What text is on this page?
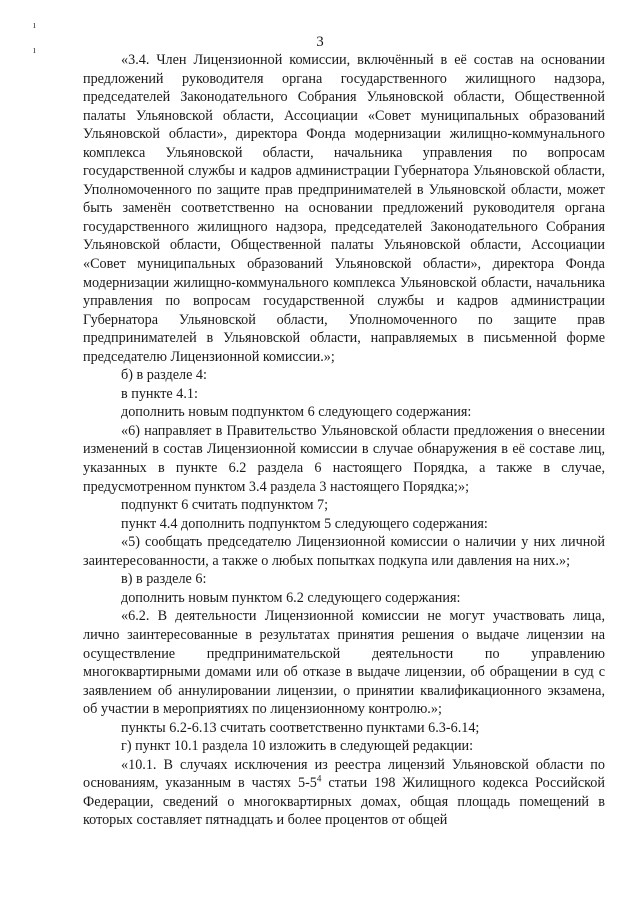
3
ı
ı

«3.4. Член Лицензионной комиссии, включённый в её состав на основании предложений руководителя органа государственного жилищного надзора, председателей Законодательного Собрания Ульяновской области, Общественной палаты Ульяновской области, Ассоциации «Совет муниципальных образований Ульяновской области», директора Фонда модернизации жилищно-коммунального комплекса Ульяновской области, начальника управления по вопросам государственной службы и кадров администрации Губернатора Ульяновской области, Уполномоченного по защите прав предпринимателей в Ульяновской области, может быть заменён соответственно на основании предложений руководителя органа государственного жилищного надзора, председателей Законодательного Собрания Ульяновской области, Общественной палаты Ульяновской области, Ассоциации «Совет муниципальных образований Ульяновской области», директора Фонда модернизации жилищно-коммунального комплекса Ульяновской области, начальника управления по вопросам государственной службы и кадров администрации Губернатора Ульяновской области, Уполномоченного по защите прав предпринимателей в Ульяновской области, направляемых в письменной форме председателю Лицензионной комиссии.»;

б) в разделе 4:

в пункте 4.1:

дополнить новым подпунктом 6 следующего содержания:

«6) направляет в Правительство Ульяновской области предложения о внесении изменений в состав Лицензионной комиссии в случае обнаружения в её составе лиц, указанных в пункте 6.2 раздела 6 настоящего Порядка, а также в случае, предусмотренном пунктом 3.4 раздела 3 настоящего Порядка;»;

подпункт 6 считать подпунктом 7;

пункт 4.4 дополнить подпунктом 5 следующего содержания:

«5) сообщать председателю Лицензионной комиссии о наличии у них личной заинтересованности, а также о любых попытках подкупа или давления на них.»;

в) в разделе 6:

дополнить новым пунктом 6.2 следующего содержания:

«6.2. В деятельности Лицензионной комиссии не могут участвовать лица, лично заинтересованные в результатах принятия решения о выдаче лицензии на осуществление предпринимательской деятельности по управлению многоквартирными домами или об отказе в выдаче лицензии, об обращении в суд с заявлением об аннулировании лицензии, о принятии квалификационного экзамена, об участии в мероприятиях по лицензионному контролю.»;

пункты 6.2-6.13 считать соответственно пунктами 6.3-6.14;

г) пункт 10.1 раздела 10 изложить в следующей редакции:

«10.1. В случаях исключения из реестра лицензий Ульяновской области по основаниям, указанным в частях $5-5^4$ статьи 198 Жилищного кодекса Российской Федерации, сведений о многоквартирных домах, общая площадь помещений в которых составляет пятнадцать и более процентов от общей
